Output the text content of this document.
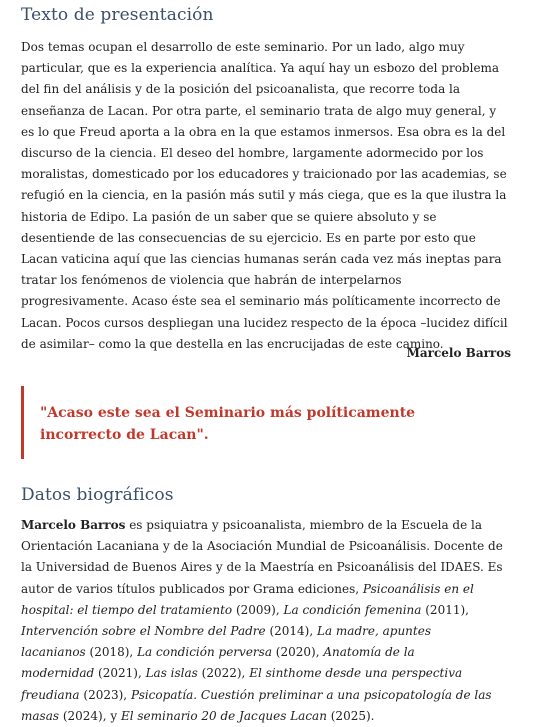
Texto de presentación

Dos temas ocupan el desarrollo de este seminario. Por un lado, algo muy particular, que es la experiencia analítica. Ya aquí hay un esbozo del problema del fin del análisis y de la posición del psicoanalista, que recorre toda la enseñanza de Lacan. Por otra parte, el seminario trata de algo muy general, y es lo que Freud aporta a la obra en la que estamos inmersos. Esa obra es la del discurso de la ciencia. El deseo del hombre, largamente adormecido por los moralistas, domesticado por los educadores y traicionado por las academias, se refugió en la ciencia, en la pasión más sutil y más ciega, que es la que ilustra la historia de Edipo. La pasión de un saber que se quiere absoluto y se desentiende de las consecuencias de su ejercicio. Es en parte por esto que Lacan vaticina aquí que las ciencias humanas serán cada vez más ineptas para tratar los fenómenos de violencia que habrán de interpelarnos progresivamente. Acaso éste sea el seminario más políticamente incorrecto de Lacan. Pocos cursos despliegan una lucidez respecto de la época –lucidez difícil de asimilar– como la que destella en las encrucijadas de este camino.

Marcelo Barros

"Acaso este sea el Seminario más políticamente incorrecto de Lacan".

Datos biográficos

Marcelo Barros es psiquiatra y psicoanalista, miembro de la Escuela de la Orientación Lacaniana y de la Asociación Mundial de Psicoanálisis. Docente de la Universidad de Buenos Aires y de la Maestría en Psicoanálisis del IDAES. Es autor de varios títulos publicados por Grama ediciones, Psicoanálisis en el hospital: el tiempo del tratamiento (2009), La condición femenina (2011), Intervención sobre el Nombre del Padre (2014), La madre, apuntes lacanianos (2018), La condición perversa (2020), Anatomía de la modernidad (2021), Las islas (2022), El sinthome desde una perspectiva freudiana (2023), Psicopatía. Cuestión preliminar a una psicopatología de las masas (2024), y El seminario 20 de Jacques Lacan (2025).
